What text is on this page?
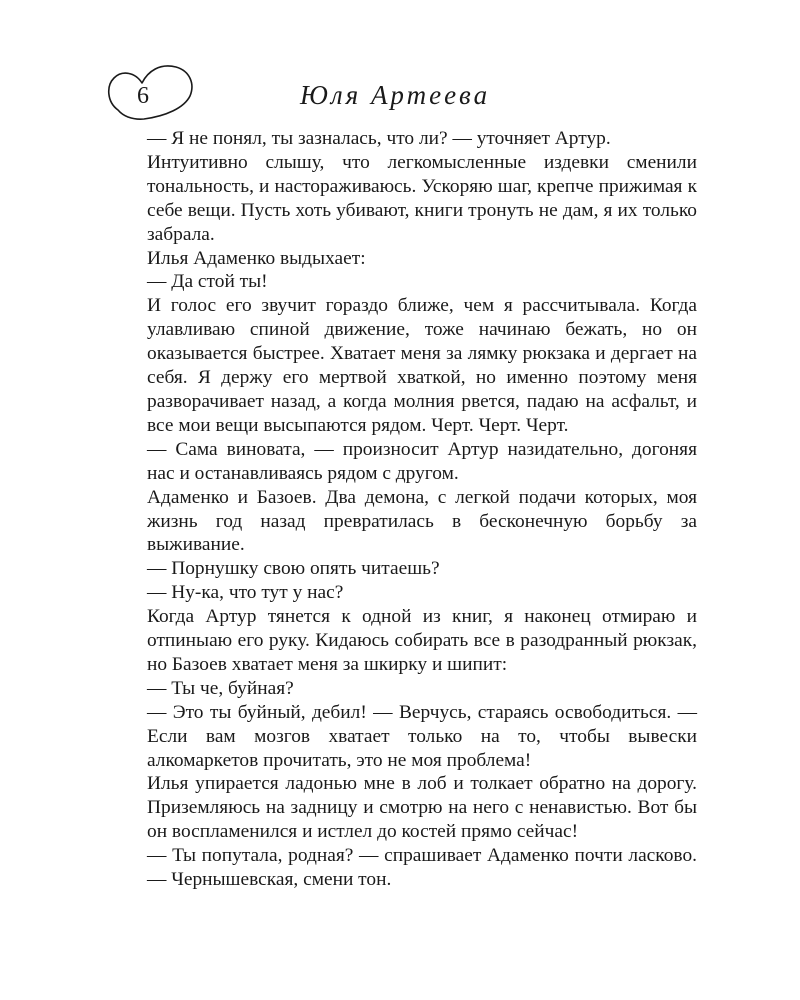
6	Юля Артеева

— Я не понял, ты зазналась, что ли? — уточняет Артур.

Интуитивно слышу, что легкомысленные издевки сменили тональность, и настораживаюсь. Ускоряю шаг, крепче прижимая к себе вещи. Пусть хоть убивают, книги тронуть не дам, я их только забрала.

Илья Адаменко выдыхает:

— Да стой ты!

И голос его звучит гораздо ближе, чем я рассчитывала. Когда улавливаю спиной движение, тоже начинаю бежать, но он оказывается быстрее. Хватает меня за лямку рюкзака и дергает на себя. Я держу его мертвой хваткой, но именно поэтому меня разворачивает назад, а когда молния рвется, падаю на асфальт, и все мои вещи высыпаются рядом. Черт. Черт. Черт.

— Сама виновата, — произносит Артур назидательно, догоняя нас и останавливаясь рядом с другом.

Адаменко и Базоев. Два демона, с легкой подачи которых, моя жизнь год назад превратилась в бесконечную борьбу за выживание.

— Порнушку свою опять читаешь?

— Ну-ка, что тут у нас?

Когда Артур тянется к одной из книг, я наконец отмираю и отпиныаю его руку. Кидаюсь собирать все в разодранный рюкзак, но Базоев хватает меня за шкирку и шипит:

— Ты че, буйная?

— Это ты буйный, дебил! — Верчусь, стараясь освободиться. — Если вам мозгов хватает только на то, чтобы вывески алкомаркетов прочитать, это не моя проблема!

Илья упирается ладонью мне в лоб и толкает обратно на дорогу. Приземляюсь на задницу и смотрю на него с ненавистью. Вот бы он воспламенился и истлел до костей прямо сейчас!

— Ты попутала, родная? — спрашивает Адаменко почти ласково. — Чернышевская, смени тон.
